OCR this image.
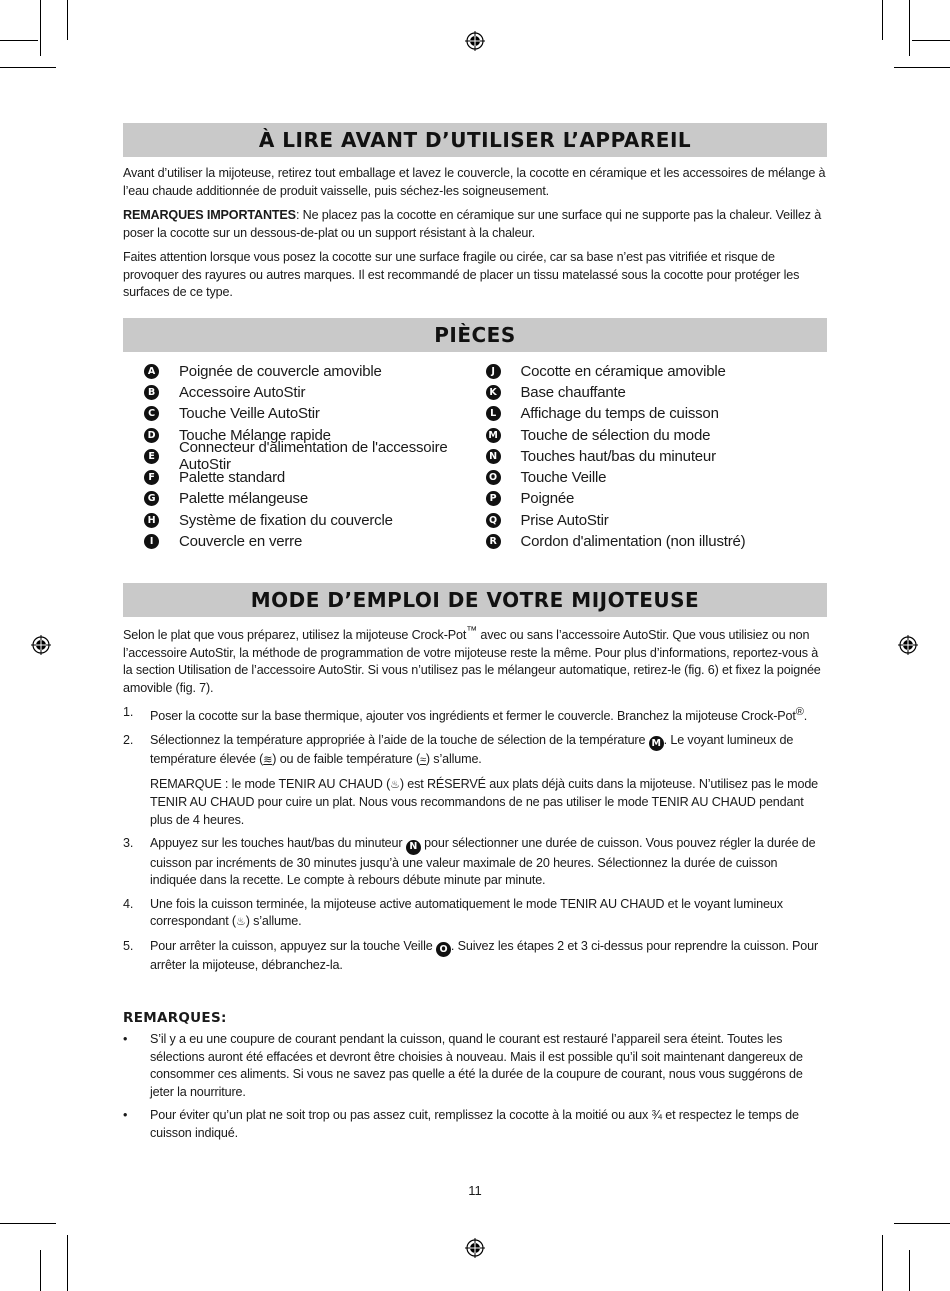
À LIRE AVANT D’UTILISER L’APPAREIL

Avant d’utiliser la mijoteuse, retirez tout emballage et lavez le couvercle, la cocotte en céramique et les accessoires de mélange à l’eau chaude additionnée de produit vaisselle, puis séchez-les soigneusement.

REMARQUES IMPORTANTES: Ne placez pas la cocotte en céramique sur une surface qui ne supporte pas la chaleur. Veillez à poser la cocotte sur un dessous-de-plat ou un support résistant à la chaleur.

Faites attention lorsque vous posez la cocotte sur une surface fragile ou cirée, car sa base n’est pas vitrifiée et risque de provoquer des rayures ou autres marques. Il est recommandé de placer un tissu matelassé sous la cocotte pour protéger les surfaces de ce type.

PIÈCES
A Poignée de couvercle amovible
B Accessoire AutoStir
C Touche Veille AutoStir
D Touche Mélange rapide
E Connecteur d'alimentation de l'accessoire AutoStir
F Palette standard
G Palette mélangeuse
H Système de fixation du couvercle
I	Couvercle en verre
J	Cocotte en céramique amovible
K Base chauffante
L	Affichage du temps de cuisson
M Touche de sélection du mode
N Touches haut/bas du minuteur
O Touche Veille
P Poignée
Q Prise AutoStir
R Cordon d'alimentation (non illustré)
MODE D’EMPLOI DE VOTRE MIJOTEUSE

Selon le plat que vous préparez, utilisez la mijoteuse Crock-Pot™ avec ou sans l’accessoire AutoStir. Que vous utilisiez ou non l’accessoire AutoStir, la méthode de programmation de votre mijoteuse reste la même. Pour plus d’informations, reportez-vous à la section Utilisation de l’accessoire AutoStir. Si vous n’utilisez pas le mélangeur automatique, retirez-le (fig. 6) et fixez la poignée amovible (fig. 7).

1.	Poser la cocotte sur la base thermique, ajouter vos ingrédients et fermer le couvercle. Branchez la mijoteuse Crock-Pot®.
2.	Sélectionnez la température appropriée à l’aide de la touche de sélection de la température M . Le voyant lumineux de température élevée (≋) ou de faible température (≈) s’allume.
REMARQUE : le mode TENIR AU CHAUD (♨) est RÉSERVÉ aux plats déjà cuits dans la mijoteuse. N’utilisez pas le mode TENIR AU CHAUD pour cuire un plat. Nous vous recommandons de ne pas utiliser le mode TENIR AU CHAUD pendant plus de 4 heures.
3.	Appuyez sur les touches haut/bas du minuteur N pour sélectionner une durée de cuisson. Vous pouvez régler la durée de cuisson par incréments de 30 minutes jusqu’à une valeur maximale de 20 heures. Sélectionnez la durée de cuisson indiquée dans la recette. Le compte à rebours débute minute par minute.
4.	Une fois la cuisson terminée, la mijoteuse active automatiquement le mode TENIR AU CHAUD et le voyant lumineux correspondant (♨) s’allume.
5.	Pour arrêter la cuisson, appuyez sur la touche Veille O . Suivez les étapes 2 et 3 ci-dessus pour reprendre la cuisson. Pour arrêter la mijoteuse, débranchez-la.
REMARQUES:
•	S’il y a eu une coupure de courant pendant la cuisson, quand le courant est restauré l’appareil sera éteint. Toutes les sélections auront été effacées et devront être choisies à nouveau. Mais il est possible qu’il soit maintenant dangereux de consommer ces aliments. Si vous ne savez pas quelle a été la durée de la coupure de courant, nous vous suggérons de jeter la nourriture.
•	Pour éviter qu’un plat ne soit trop ou pas assez cuit, remplissez la cocotte à la moitié ou aux ¾ et respectez le temps de cuisson indiqué.
11
